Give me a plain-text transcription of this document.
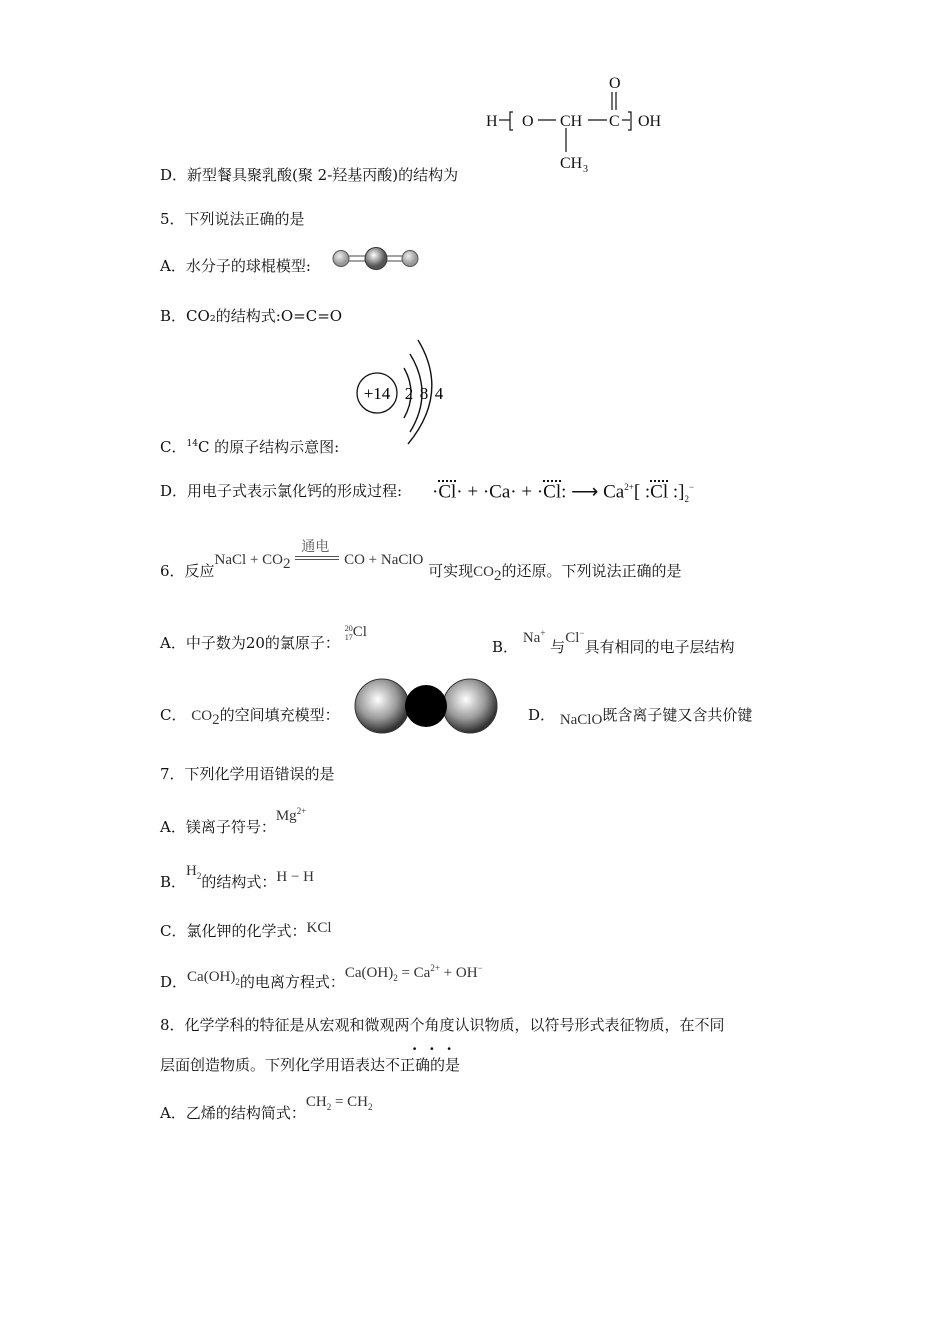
H O CH C OH
O
CH 3
D．新型餐具聚乳酸(聚 2-羟基丙酸)的结构为
5．下列说法正确的是
A．水分子的球棍模型:
B．CO₂的结构式:O=C=O
+14 2 8 4
C．$^{14}$C 的原子结构示意图:
D．用电子式表示氯化钙的形成过程: ·Cl· + ·Ca· + ·Cl: ⟶ $Ca^{2+}$[ :Cl $:]_2^-$
6．反应NaCl + $CO_2$
通电
CO + NaClO 可实现$CO_2$的还原。下列说法正确的是
A．中子数为20的氯原子： 20
17Cl
B． Na+ 与Cl−具有相同的电子层结构
C． $CO_2$的空间填充模型：	D． NaClO既含离子键又含共价键
7．下列化学用语错误的是
A．镁离子符号：$Mg^{2+}$
B．$H_2$的结构式：H − H
C．氯化钾的化学式：KCl
D．$Ca(OH)_2$的电离方程式：$Ca(OH)_2 = Ca^{2+} + OH^-$
8．化学学科的特征是从宏观和微观两个角度认识物质，以符号形式表征物质，在不同
···
层面创造物质。下列化学用语表达不正确的是
A．乙烯的结构简式：$CH_2 = CH_2$
